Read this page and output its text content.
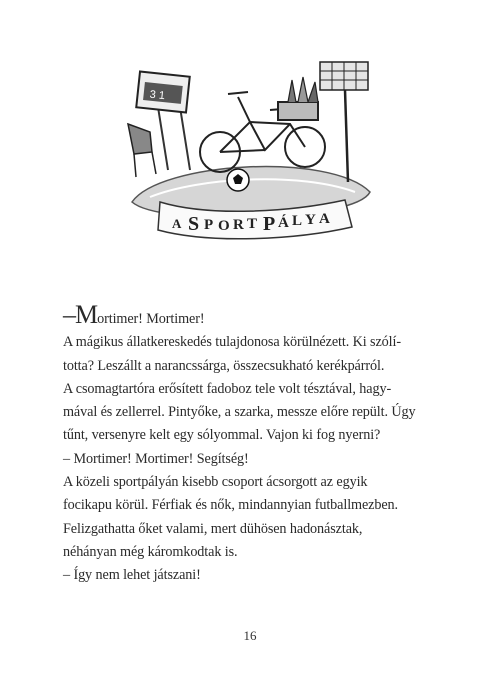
3 1
A S P O R T P Á L Y A
–Mortimer! Mortimer!
A mágikus állatkereskedés tulajdonosa körülnézett. Ki szólí-
totta? Leszállt a narancssárga, összecsukható kerékpárról.
A csomagtartóra erősített fadoboz tele volt tésztával, hagy-
mával és zellerrel. Pintyőke, a szarka, messze előre repült. Úgy
tűnt, versenyre kelt egy sólyommal. Vajon ki fog nyerni?
– Mortimer! Mortimer! Segítség!
A közeli sportpályán kisebb csoport ácsorgott az egyik
focikapu körül. Férfiak és nők, mindannyian futballmezben.
Felizgathatta őket valami, mert dühösen hadonásztak,
néhányan még káromkodtak is.
– Így nem lehet játszani!
16
